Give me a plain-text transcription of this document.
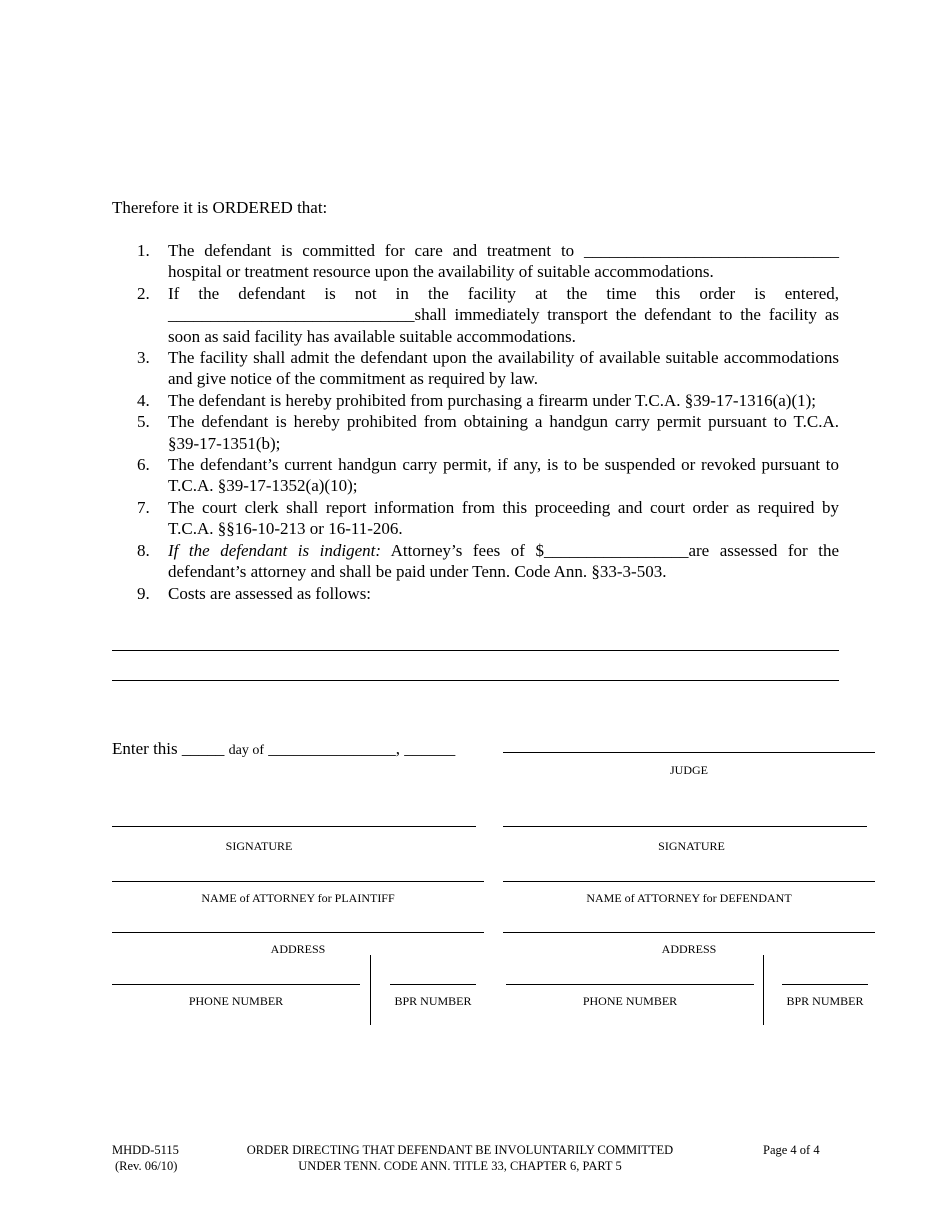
Therefore it is ORDERED that:
1. The defendant is committed for care and treatment to ______________________________ hospital or treatment resource upon the availability of suitable accommodations.
2. If the defendant is not in the facility at the time this order is entered, _____________________________shall immediately transport the defendant to the facility as soon as said facility has available suitable accommodations.
3. The facility shall admit the defendant upon the availability of available suitable accommodations and give notice of the commitment as required by law.
4. The defendant is hereby prohibited from purchasing a firearm under T.C.A. §39-17-1316(a)(1);
5. The defendant is hereby prohibited from obtaining a handgun carry permit pursuant to T.C.A. §39-17-1351(b);
6. The defendant’s current handgun carry permit, if any, is to be suspended or revoked pursuant to T.C.A. §39-17-1352(a)(10);
7. The court clerk shall report information from this proceeding and court order as required by T.C.A. §§16-10-213 or 16-11-206.
8. If the defendant is indigent: Attorney’s fees of $_________________are assessed for the defendant’s attorney and shall be paid under Tenn. Code Ann. §33-3-503.
9. Costs are assessed as follows:
Enter this _____ day of _______________, ______
JUDGE
SIGNATURE	SIGNATURE
NAME of ATTORNEY for PLAINTIFF	NAME of ATTORNEY for DEFENDANT
ADDRESS	ADDRESS
PHONE NUMBER	BPR NUMBER	PHONE NUMBER	BPR NUMBER
MHDD-5115
(Rev. 06/10)
ORDER DIRECTING THAT DEFENDANT BE INVOLUNTARILY COMMITTED
UNDER TENN. CODE ANN. TITLE 33, CHAPTER 6, PART 5
Page 4 of 4
